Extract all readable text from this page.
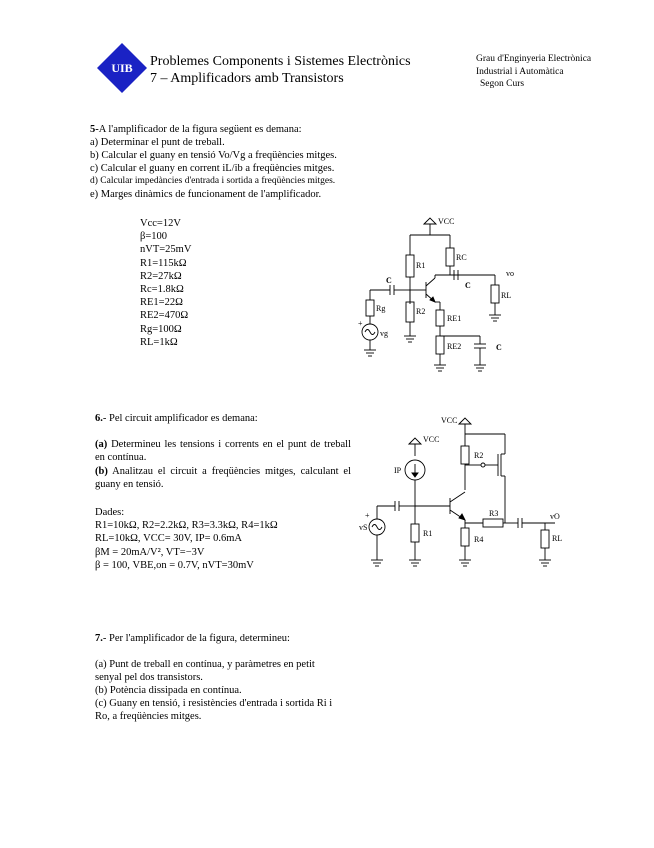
UIB Problemes Components i Sistemes Electrònics
7 – Amplificadors amb Transistors
Grau d'Enginyeria Electrònica
Industrial i Automàtica
Segon Curs
5-A l'amplificador de la figura següent es demana:
a) Determinar el punt de treball.
b) Calcular el guany en tensió Vo/Vg a freqüències mitges.
c) Calcular el guany en corrent iL/ib a freqüències mitges.
d) Calcular impedàncies d'entrada i sortida a freqüències mitges.
e) Marges dinàmics de funcionament de l'amplificador.
Vcc=12V
β=100
nVT=25mV
R1=115kΩ
R2=27kΩ
Rc=1.8kΩ
RE1=22Ω
RE2=470Ω
Rg=100Ω
RL=1kΩ
VCC
R1
RC
R2
RE1
RE2
Rg
RL
C
C
C
vg
vo
+
6.- Pel circuit amplificador es demana:
(a) Determineu les tensions i corrents en el punt de treball en contínua.
(b) Analitzau el circuit a freqüències mitges, calculant el guany en tensió.
Dades:
R1=10kΩ, R2=2.2kΩ, R3=3.3kΩ, R4=1kΩ
RL=10kΩ, VCC= 30V, IP= 0.6mA
βM = 20mA/V², VT=−3V
β = 100, VBE,on = 0.7V, nVT=30mV
VCC
VCC
IP
R2
R3
R4
R1
RL
vS
vO
+
7.- Per l'amplificador de la figura, determineu:
(a) Punt de treball en contínua, y paràmetres en petit
senyal pel dos transistors.
(b) Potència dissipada en contínua.
(c) Guany en tensió, i resistències d'entrada i sortida Ri i
Ro, a freqüències mitges.
